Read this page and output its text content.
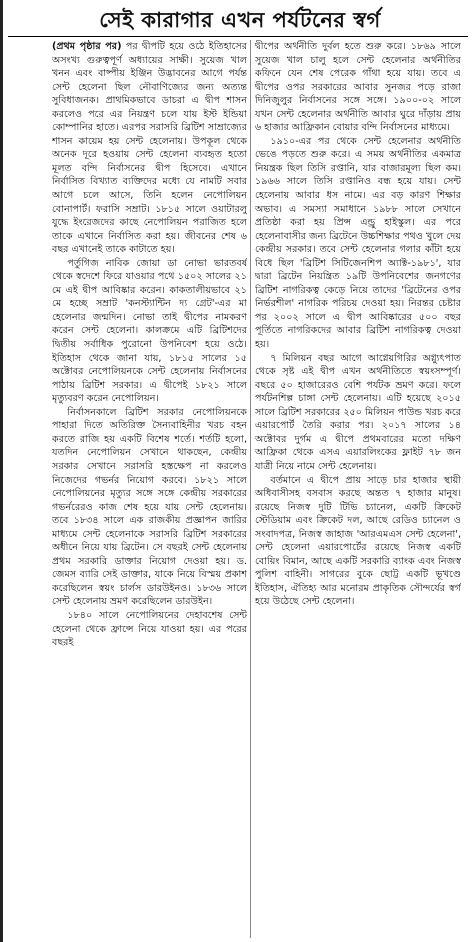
সেই কারাগার এখন পর্যটনের স্বর্গ

(প্রথম পৃষ্ঠার পর) পর দ্বীপটি হয়ে ওঠে ইতিহাসের অসংখ্য গুরুত্বপূর্ণ অধ্যায়ের সাক্ষী। সুয়েজ খাল খনন এবং বাষ্পীয় ইঞ্জিন উদ্ভাবনের আগে পর্যন্ত সেন্ট হেলেনা ছিল নৌবাণিজ্যের জন্য অত্যন্ত সুবিধাজনক। প্রাথমিকভাবে ডাচরা এ দ্বীপ শাসন করলেও পরে এর নিয়ন্ত্রণ চলে যায় ইস্ট ইন্ডিয়া কোম্পানির হাতে। এরপর সরাসরি ব্রিটিশ সাম্রাজ্যের শাসন কায়েম হয় সেন্ট হেলেনায়। উপকূল থেকে অনেক দূরে হওয়ায় সেন্ট হেলেনা ব্যবহৃত হতো মূলত বন্দি নির্বাসনের দ্বীপ হিসেবে। এখানে নির্বাসিত বিখ্যাত ব্যক্তিদের মধ্যে যে নামটি সবার আগে চলে আসে, তিনি হলেন নেপোলিয়ন বোনাপার্ট। ফরাসি সম্রাট। ১৮১৫ সালে ওয়াটারলু যুদ্ধে ইংরেজদের কাছে নেপোলিয়ন পরাজিত হলে তাকে এখানে নির্বাসিত করা হয়। জীবনের শেষ ৬ বছর এখানেই তাকে কাটাতে হয়।

পর্তুগিজ নাবিক জোয়া ডা নোভা ভারতবর্ষ থেকে স্বদেশে ফিরে যাওয়ার পথে ১৫০২ সালের ২১ মে এই দ্বীপ আবিষ্কার করেন। কাকতালীয়ভাবে ২১ মে হচ্ছে সম্রাট 'কনস্ট্যান্টিন দ্য গ্রেট'-এর মা হেলেনার জন্মদিন। নোভা তাই দ্বীপের নামকরণ করেন সেন্ট হেলেনা। কালক্রমে এটি ব্রিটিশদের দ্বিতীয় সর্বাধিক পুরোনো উপনিবেশ হয়ে ওঠে। ইতিহাস থেকে জানা যায়, ১৮১৫ সালের ১৫ অক্টোবর নেপোলিয়নকে সেন্ট হেলেনায় নির্বাসনের পাঠায় ব্রিটিশ সরকার। এ দ্বীপেই ১৮২১ সালে মৃত্যুবরণ করেন নেপোলিয়ন।

নির্বাসনকালে ব্রিটিশ সরকার নেপোলিয়নকে পাহারা দিতে অতিরিক্ত সৈন্যবাহিনীর খরচ বহন করতে রাজি হয় একটি বিশেষ শর্তে। শর্তটি হলো, যতদিন নেপোলিয়ন সেখানে থাকছেন, কেন্দ্রীয় সরকার সেখানে সরাসরি হস্তক্ষেপ না করলেও নিজেদের গভর্নর নিয়োগ করবে। ১৮২১ সালে নেপোলিয়নের মৃত্যুর সঙ্গে সঙ্গে কেন্দ্রীয় সরকারের গভর্নরেরও কাজ শেষ হয়ে যায় সেন্ট হেলেনায়। তবে ১৮৩৪ সালে এক রাজকীয় প্রজ্ঞাপন জারির মাধ্যমে সেন্ট হেলেনাকে সরাসরি ব্রিটিশ সরকারের অধীনে নিয়ে যায় ব্রিটেন। সে বছরই সেন্ট হেলেনায় প্রথম সরকারি ডাক্তার নিয়োগ দেওয়া হয়। ড. জেমস ব্যারি সেই ডাক্তার, যাকে নিয়ে বিস্ময় প্রকাশ করেছিলেন স্বয়ং চার্লস ডারউইনও। ১৮৩৬ সালে সেন্ট হেলেনায় ভ্রমণ করেছিলেন ডারউইন।

১৮৪০ সালে নেপোলিয়নের দেহাবশেষ সেন্ট হেলেনা থেকে ফ্রান্সে নিয়ে যাওয়া হয়। এর পরের বছরই

দ্বীপের অর্থনীতি দুর্বল হতে শুরু করে। ১৮৬৯ সালে সুয়েজ খাল চালু হলে সেন্ট হেলেনার অর্থনীতির কফিনে যেন শেষ পেরেক গাঁথা হয়ে যায়। তবে এ দ্বীপের ওপর সরকারের আবার সুনজর পড়ে রাজা দিনিজুলুর নির্বাসনের সঙ্গে সঙ্গে। ১৯০০-০২ সালে যখন সেন্ট হেলেনার অর্থনীতি আবার ঘুরে দাঁড়ায় প্রায় ৬ হাজার আফ্রিকান বোয়ার বন্দি নির্বাসনের মাধ্যমে।

১৯১০-এর পর থেকে সেন্ট হেলেনার অর্থনীতি ভেঙে পড়তে শুরু করে। এ সময় অর্থনীতির একমাত্র নিয়ন্ত্রক ছিল তিসি রপ্তানি, যার বাজারমূল্য ছিল কম। ১৯৬৬ সালে তিসি রপ্তানিও বন্ধ হয়ে যায়। সেন্ট হেলেনায় আবার ধস নামে। এর বড় কারণ শিক্ষার অভাব। এ সমস্যা সমাধানে ১৯৮৮ সালে সেখানে প্রতিষ্ঠা করা হয় প্রিন্স এন্ড্রু হাইস্কুল। এর পরে হেলেনাবাসীর জন্য ব্রিটেনে উচ্চশিক্ষার পথও খুলে দেয় কেন্দ্রীয় সরকার। তবে সেন্ট হেলেনার গলার কাঁটা হয়ে বিধে ছিল 'ব্রিটিশ সিটিজেনশিপ অ্যাক্ট-১৯৮১', যার দ্বারা ব্রিটেন নিয়ন্ত্রিত ১৯টি উপনিবেশের জনগণের ব্রিটিশ নাগরিকত্ব কেড়ে নিয়ে তাদের 'ব্রিটেনের ওপর নির্ভরশীল' নাগরিক পরিচয় দেওয়া হয়। নিরন্তর চেষ্টার পর ২০০২ সালে এ দ্বীপ আবিষ্কারের ৫০০ বছর পূর্তিতে নাগরিকদের আবার ব্রিটিশ নাগরিকত্ব দেওয়া হয়।

৭ মিলিয়ন বছর আগে আগ্নেয়গিরির অগ্ন্যুৎপাত থেকে সৃষ্ট এই দ্বীপ এখন অর্থনীতিতে স্বয়ংসম্পূর্ণ। বছরে ৫০ হাজারেরও বেশি পর্যটক ভ্রমণ করে। ফলে পর্যটনশিল্প চাঙ্গা সেন্ট হেলেনায়। এটি হয়েছে ২০১৫ সালে ব্রিটিশ সরকারের ২৫০ মিলিয়ন পাউন্ড খরচ করে এয়ারপোর্ট তৈরি করার পর। ২০১৭ সালের ১৪ অক্টোবর দুর্গম এ দ্বীপে প্রথমবারের মতো দক্ষিণ আফ্রিকা থেকে এসএ এয়ারলিংকের ফ্লাইট ৭৮ জন যাত্রী নিয়ে নামে সেন্ট হেলেনায়।

বর্তমানে এ দ্বীপে প্রায় সাড়ে চার হাজার স্থায়ী অধিবাসীসহ বসবাস করছে অন্তত ৭ হাজার মানুষ। রয়েছে নিজস্ব দুটি টিভি চ্যানেল, একটি ক্রিকেট স্টেডিয়াম এবং ক্রিকেট দল, আছে রেডিও চ্যানেল ও সংবাদপত্র, নিজস্ব জাহাজ 'আরএমএস সেন্ট হেলেনা', সেন্ট হেলেনা এয়ারপোর্টের রয়েছে নিজস্ব একটি বোয়িং বিমান, আছে একটি সরকারি ব্যাংক এবং নিজস্ব পুলিশ বাহিনী। সাগরের বুকে ছোট্ট একটি ভূখণ্ডে ইতিহাস, ঐতিহ্য আর মনোরম প্রাকৃতিক সৌন্দর্যের স্বর্গ হয়ে উঠেছে সেন্ট হেলেনা।
